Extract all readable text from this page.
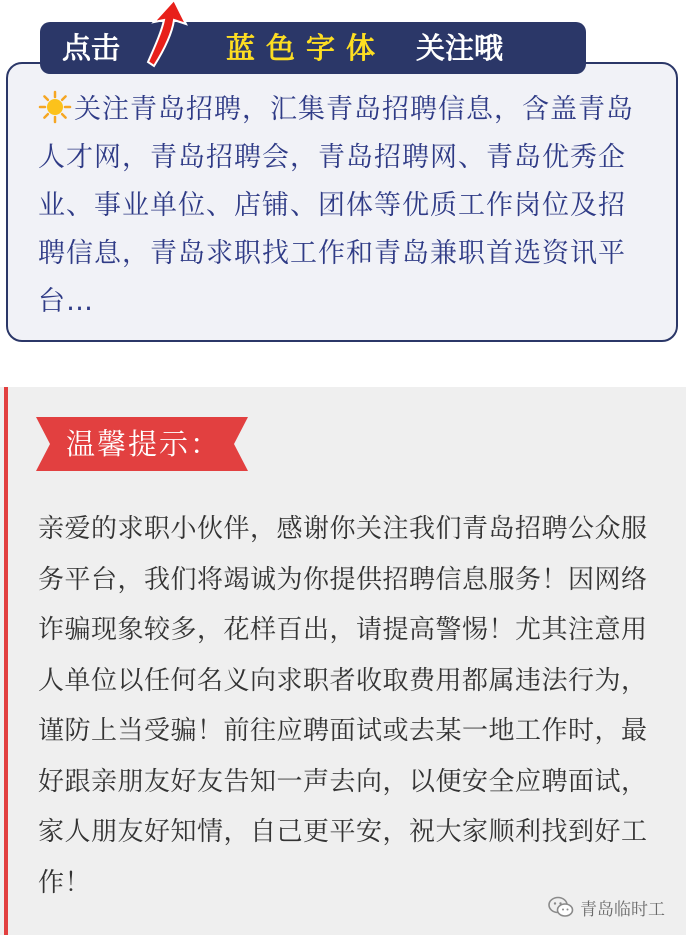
点击	蓝色字体 关注哦
关注青岛招聘，汇集青岛招聘信息，含盖青岛人才网，青岛招聘会，青岛招聘网、青岛优秀企业、事业单位、店铺、团体等优质工作岗位及招聘信息，青岛求职找工作和青岛兼职首选资讯平台…
温馨提示：
亲爱的求职小伙伴，感谢你关注我们青岛招聘公众服务平台，我们将竭诚为你提供招聘信息服务！因网络诈骗现象较多，花样百出，请提高警惕！尤其注意用人单位以任何名义向求职者收取费用都属违法行为，谨防上当受骗！前往应聘面试或去某一地工作时，最好跟亲朋友好友告知一声去向，以便安全应聘面试，家人朋友好知情，自己更平安，祝大家顺利找到好工作！
青岛临时工
